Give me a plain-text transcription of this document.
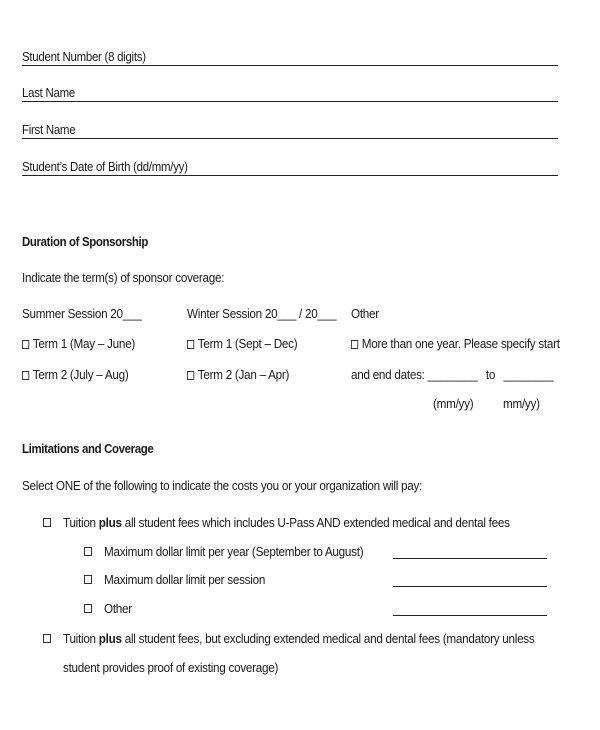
Student Number (8 digits)
Last Name
First Name
Student’s Date of Birth (dd/mm/yy)
Duration of Sponsorship
Indicate the term(s) of sponsor coverage:
Summer Session 20___
Term 1 (May – June)
Term 2 (July – Aug)
Winter Session 20___ / 20___
Term 1 (Sept – Dec)
Term 2 (Jan – Apr)
Other
More than one year. Please specify start
and end dates: ________ to ________
(mm/yy) mm/yy)
Limitations and Coverage
Select ONE of the following to indicate the costs you or your organization will pay:
Tuition plus all student fees which includes U-Pass AND extended medical and dental fees
Maximum dollar limit per year (September to August)
Maximum dollar limit per session
Other
Tuition plus all student fees, but excluding extended medical and dental fees (mandatory unless
student provides proof of existing coverage)
